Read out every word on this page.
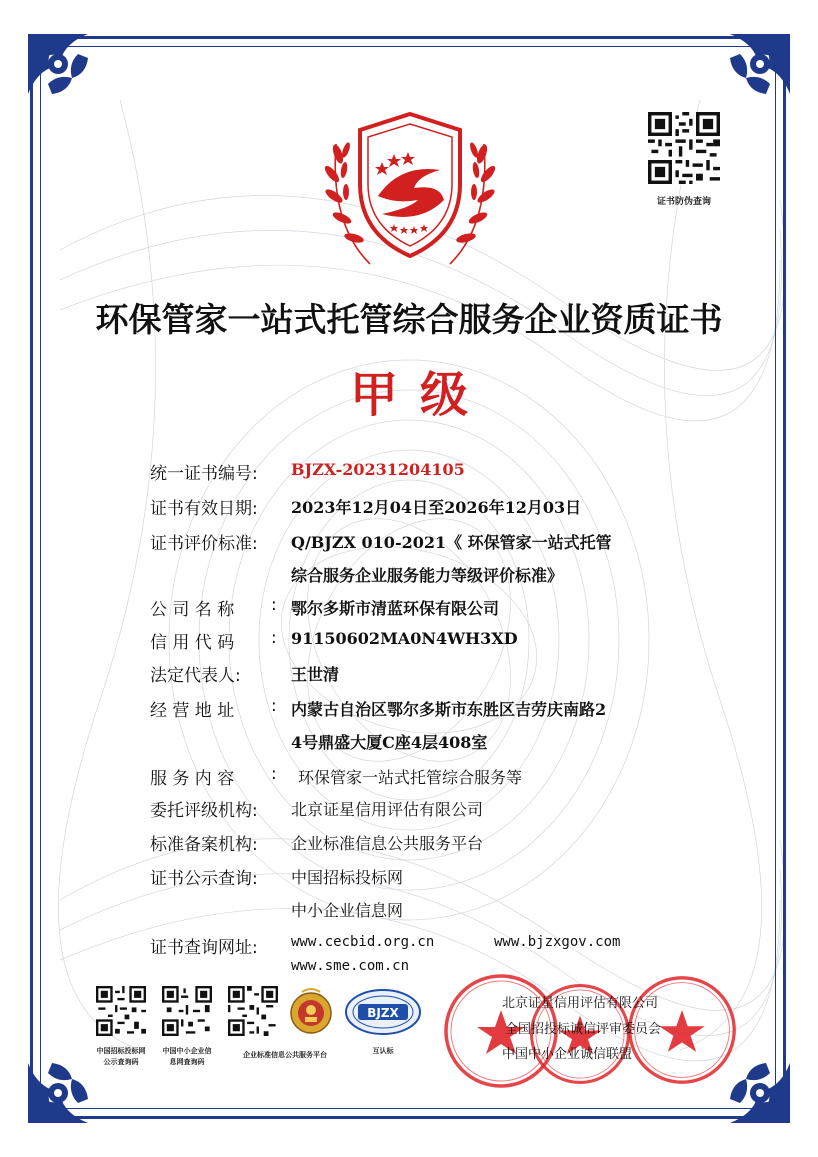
证书防伪查询
环保管家一站式托管综合服务企业资质证书
甲级
统一证书编号:	BJZX-20231204105
证书有效日期:	2023年12月04日至2026年12月03日
证书评价标准:	Q/BJZX 010-2021《 环保管家一站式托管
综合服务企业服务能力等级评价标准》
公 司 名 称	: 鄂尔多斯市清蓝环保有限公司
信 用 代 码	: 91150602MA0N4WH3XD
法定代表人:	王世清
经 营 地 址	: 内蒙古自治区鄂尔多斯市东胜区吉劳庆南路2
4号鼎盛大厦C座4层408室
服 务 内 容	: 环保管家一站式托管综合服务等
委托评级机构:	北京证星信用评估有限公司
标准备案机构:	企业标准信息公共服务平台
证书公示查询:	中国招标投标网
中小企业信息网
证书查询网址:	www.cecbid.org.cn	www.bjzxgov.com
www.sme.com.cn
中国招标投标网
公示查询码
中国中小企业信
息网查询码
企业标准信息公共服务平台
BJZX
互认标
北京证星信用评估有限公司
全国招投标诚信评审委员会
中国中小企业诚信联盟
